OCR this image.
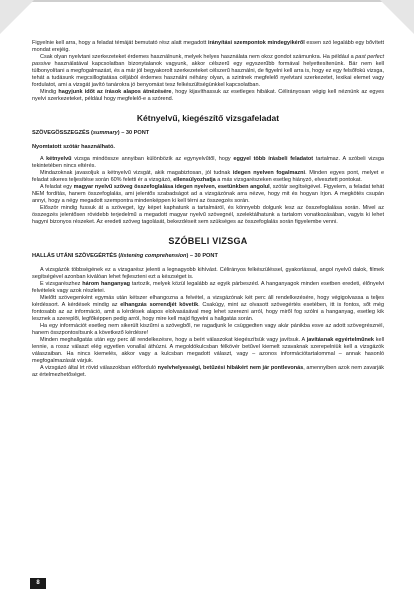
Figyelnie kell arra, hogy a feladat témáját bemutató rész alatt megadott irányítási szempontok mindegyikéről essen szó legalább egy bővített mondat erejéig.

Csak olyan nyelvtani szerkezeteket érdemes használnunk, melyek helyes használata nem okoz gondot számunkra. Ha például a past perfect passive használatával kapcsolatban bizonytalanok vagyunk, akkor célszerű egy egyszerűbb formával helyettesítenünk. Bár nem kell túlbonyolítani a megfogalmazást, és a már jól begyakorolt szerkezeteket célszerű használni, de figyelni kell arra is, hogy ez egy felsőfokú vizsga, tehát a tudásunk megcsillogtatása céljából érdemes használni néhány olyan, a szintnek megfelelő nyelvtani szerkezetet, lexikai elemet vagy fordulatot, ami a vizsgát javító tanárokra jó benyomást tesz felkészültségünkkel kapcsolatban.

Mindig hagyjunk időt az írások alapos átnézésére, hogy kijavíthassuk az esetleges hibákat. Célirányosan végig kell néznünk az egyes nyelvi szerkezeteket, például hogy megfelelő-e a szórend.

Kétnyelvű, kiegészítő vizsgafeladat
SZÖVEGÖSSZEGZÉS (summary) – 30 PONT
Nyomtatott szótár használható.

A kétnyelvű vizsga mindössze annyiban különbözik az egynyelvűtől, hogy eggyel több írásbeli feladatot tartalmaz. A szóbeli vizsga tekintetében nincs eltérés.

Mindazoknak javasoljuk a kétnyelvű vizsgát, akik magabiztosan, jól tudnak idegen nyelven fogalmazni. Minden egyes pont, melyet e feladat sikeres teljesítése során 60% feletti ér a vizsgázó, ellensúlyozhatja a más vizsgarészeken esetleg hiányzó, elvesztett pontokat.

A feladat egy magyar nyelvű szöveg összefoglalása idegen nyelven, esetünkben angolul, szótár segítségével. Figyelem, a feladat tehát NEM fordítás, hanem összefoglalás, ami jelentős szabadságot ad a vizsgázónak arra nézve, hogy mit és hogyan írjon. A megkötés csupán annyi, hogy a négy megadott szempontra mindenképpen ki kell térni az összegzés során.

Először mindig fussuk át a szöveget, így képet kaphatunk a tartalmáról, és könnyebb dolgunk lesz az összefoglalása során. Mivel az összegzés jelentősen rövidebb terjedelmű a megadott magyar nyelvű szövegnél, szelektálhatunk a tartalom vonatkozásában, vagyis ki lehet hagyni bizonyos részeket. Az eredeti szöveg tagolását, bekezdéseit sem szükséges az összefoglalás során figyelembe venni.

SZÓBELI VIZSGA
HALLÁS UTÁNI SZÖVEGÉRTÉS (listening comprehension) – 30 PONT

A vizsgázók többségének ez a vizsgarész jelenti a legnagyobb kihívást. Célirányos felkészüléssel, gyakorlással, angol nyelvű dalok, filmek segítségével azonban kiválóan lehet fejleszteni ezt a készséget is.

E vizsgarészhez három hanganyag tartozik, melyek közül legalább az egyik párbeszéd. A hanganyagok minden esetben eredeti, élőnyelvi felvételek vagy azok részletei.

Mielőtt szövegenként egymás után kétszer elhangozna a felvétel, a vizsgázónak két perc áll rendelkezésére, hogy végigolvassa a teljes kérdéssort. A kérdések mindig az elhangzás sorrendjét követik. Csakúgy, mint az olvasott szövegértés esetében, itt is fontos, sőt még fontosabb az az információ, amit a kérdések alapos elolvasásával meg lehet szerezni arról, hogy miről fog szólni a hanganyag, esetleg kik lesznek a szereplői, legfőképpen pedig arról, hogy mire kell majd figyelni a hallgatás során.

Ha egy információt esetleg nem sikerült kiszűrni a szövegből, ne ragadjunk le csüggedten vagy akár pánikba esve az adott szövegrésznél, hanem összpontosítsunk a következő kérdésre!

Minden meghallgatás után egy perc áll rendelkezésre, hogy a beírt válaszokat kiegészítsük vagy javítsuk. A javításnak egyértelműnek kell lennie, a rossz választ elég egyetlen vonallal áthúzni. A megoldókulcsban félkövér betűvel kiemelt szavaknak szerepelniük kell a vizsgázók válaszaiban. Ha nincs kiemelés, akkor vagy a kulcsban megadott választ, vagy – azonos információtartalommal – annak hasonló megfogalmazását várjuk.

A vizsgázó által írt rövid válaszokban előforduló nyelvhelyességi, betűzési hibákért nem jár pontlevonás, amennyiben azok nem zavarják az értelmezhetőséget.

8
